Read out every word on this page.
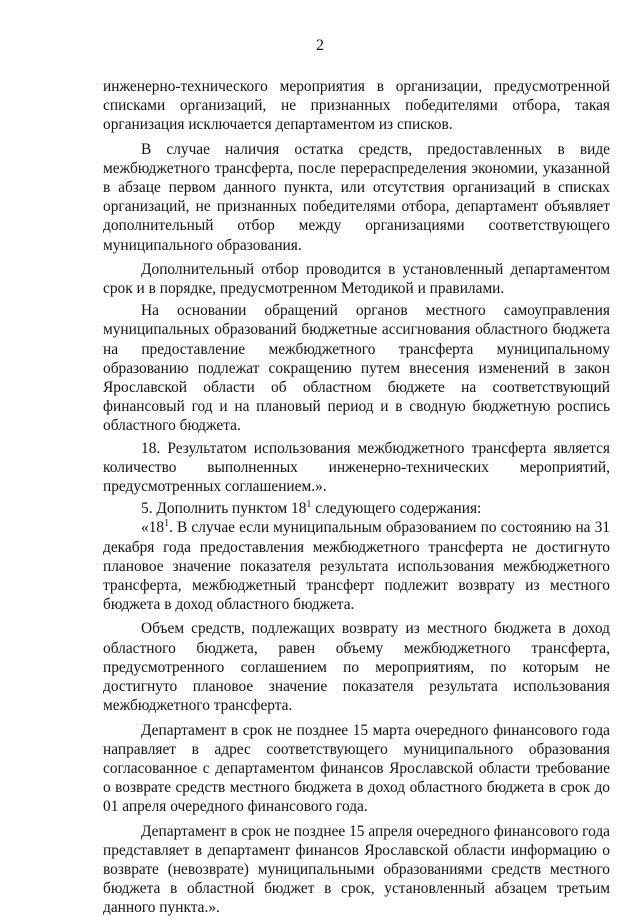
2

инженерно-технического мероприятия в организации, предусмотренной списками организаций, не признанных победителями отбора, такая организация исключается департаментом из списков.

В случае наличия остатка средств, предоставленных в виде межбюджетного трансферта, после перераспределения экономии, указанной в абзаце первом данного пункта, или отсутствия организаций в списках организаций, не признанных победителями отбора, департамент объявляет дополнительный отбор между организациями соответствующего муниципального образования.

Дополнительный отбор проводится в установленный департаментом срок и в порядке, предусмотренном Методикой и правилами.

На основании обращений органов местного самоуправления муниципальных образований бюджетные ассигнования областного бюджета на предоставление межбюджетного трансферта муниципальному образованию подлежат сокращению путем внесения изменений в закон Ярославской области об областном бюджете на соответствующий финансовый год и на плановый период и в сводную бюджетную роспись областного бюджета.

18. Результатом использования межбюджетного трансферта является количество выполненных инженерно-технических мероприятий, предусмотренных соглашением.».

5. Дополнить пунктом $18^1$ следующего содержания:

«$18^1$. В случае если муниципальным образованием по состоянию на 31 декабря года предоставления межбюджетного трансферта не достигнуто плановое значение показателя результата использования межбюджетного трансферта, межбюджетный трансферт подлежит возврату из местного бюджета в доход областного бюджета.

Объем средств, подлежащих возврату из местного бюджета в доход областного бюджета, равен объему межбюджетного трансферта, предусмотренного соглашением по мероприятиям, по которым не достигнуто плановое значение показателя результата использования межбюджетного трансферта.

Департамент в срок не позднее 15 марта очередного финансового года направляет в адрес соответствующего муниципального образования согласованное с департаментом финансов Ярославской области требование о возврате средств местного бюджета в доход областного бюджета в срок до 01 апреля очередного финансового года.

Департамент в срок не позднее 15 апреля очередного финансового года представляет в департамент финансов Ярославской области информацию о возврате (невозврате) муниципальными образованиями средств местного бюджета в областной бюджет в срок, установленный абзацем третьим данного пункта.».
